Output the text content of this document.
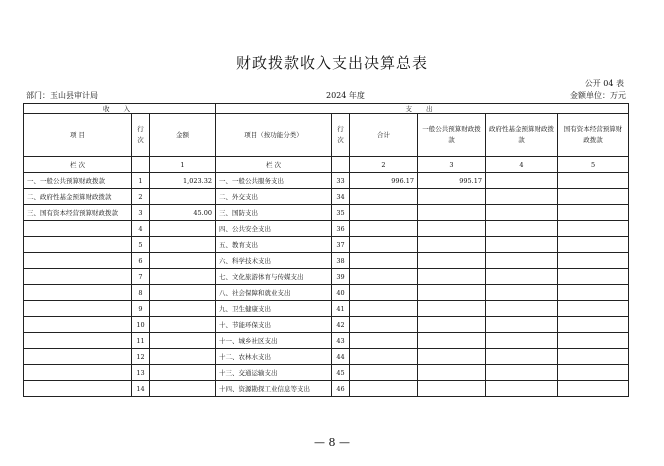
财政拨款收入支出决算总表
公开 04 表
部门：玉山县审计局	2024 年度	金额单位：万元
收 入			支 出					
项 目	行次	金额	项目（按功能分类）	行次	合计	一般公共预算财政拨款	政府性基金预算财政拨款	国有资本经营预算财政拨款
栏 次		1	栏 次		2	3	4	5
一、一般公共预算财政拨款	1	1,023.32	一、一般公共服务支出	33	996.17	995.17		
二、政府性基金预算财政拨款	2		二、外交支出	34				
三、国有资本经营预算财政拨款	3	45.00	三、国防支出	35				
	4		四、公共安全支出	36				
	5		五、教育支出	37				
	6		六、科学技术支出	38				
	7		七、文化旅游体育与传媒支出	39				
	8		八、社会保障和就业支出	40				
	9		九、卫生健康支出	41				
	10		十、节能环保支出	42				
	11		十一、城乡社区支出	43				
	12		十二、农林水支出	44				
	13		十三、交通运输支出	45				
	14		十四、资源勘探工业信息等支出	46				
— 8 —
